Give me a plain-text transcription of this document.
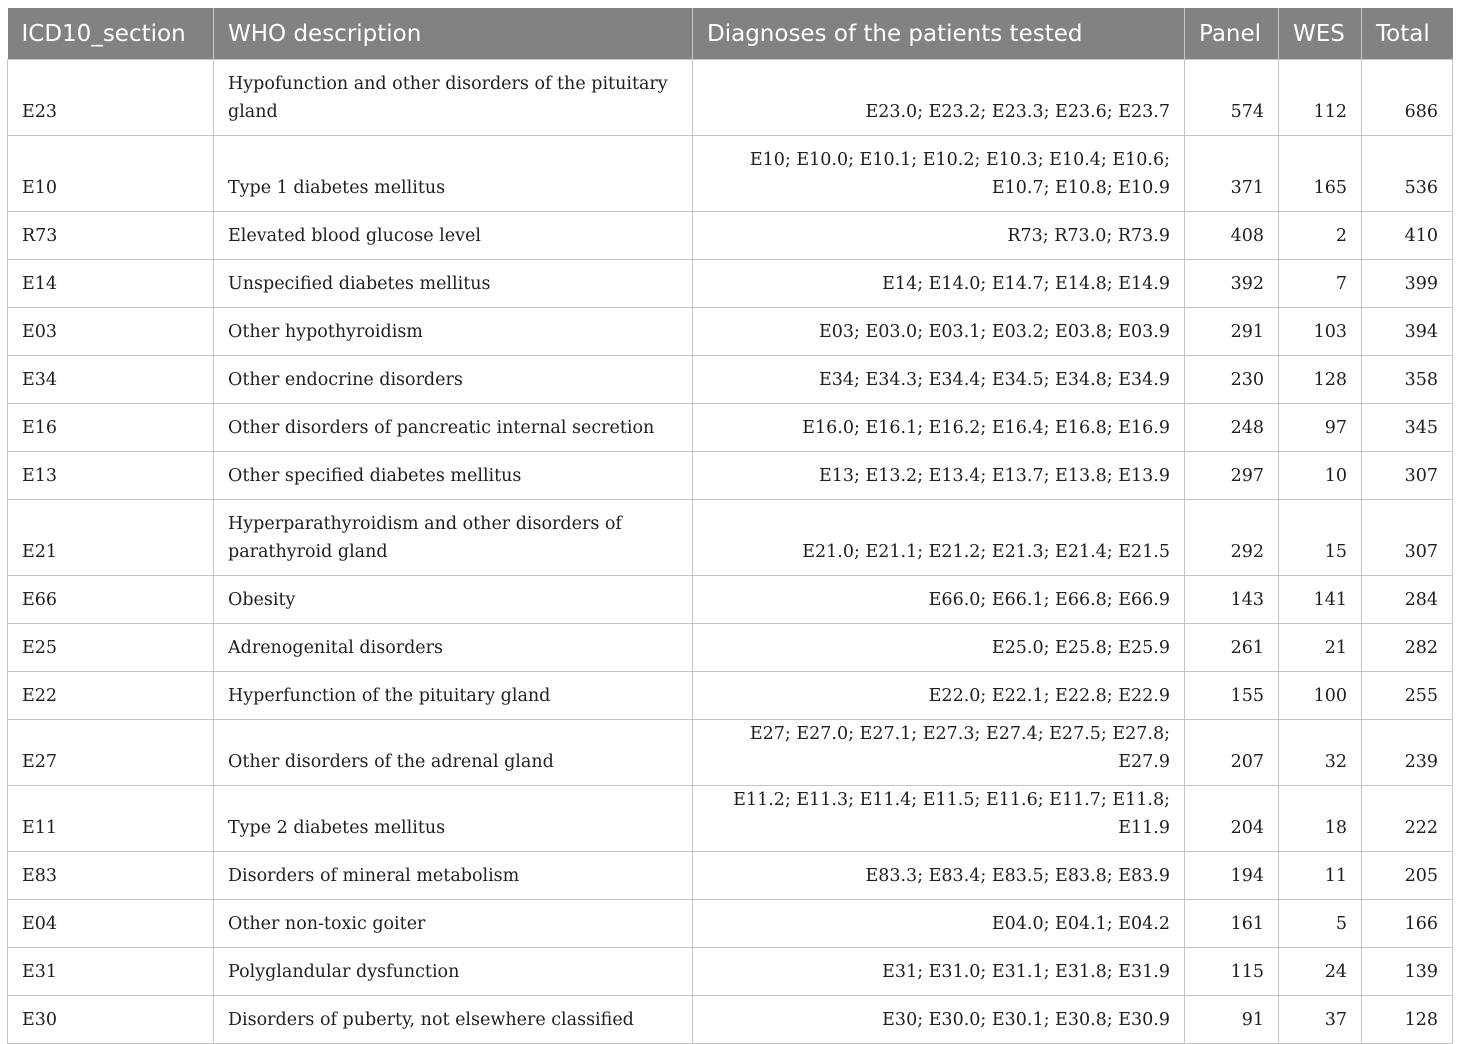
ICD10_section	WHO description	Diagnoses of the patients tested	Panel	WES	Total
E23	Hypofunction and other disorders of the pituitary gland	E23.0; E23.2; E23.3; E23.6; E23.7	574	112	686
E10	Type 1 diabetes mellitus	E10; E10.0; E10.1; E10.2; E10.3; E10.4; E10.6; E10.7; E10.8; E10.9	371	165	536
R73	Elevated blood glucose level	R73; R73.0; R73.9	408	2	410
E14	Unspecified diabetes mellitus	E14; E14.0; E14.7; E14.8; E14.9	392	7	399
E03	Other hypothyroidism	E03; E03.0; E03.1; E03.2; E03.8; E03.9	291	103	394
E34	Other endocrine disorders	E34; E34.3; E34.4; E34.5; E34.8; E34.9	230	128	358
E16	Other disorders of pancreatic internal secretion	E16.0; E16.1; E16.2; E16.4; E16.8; E16.9	248	97	345
E13	Other specified diabetes mellitus	E13; E13.2; E13.4; E13.7; E13.8; E13.9	297	10	307
E21	Hyperparathyroidism and other disorders of parathyroid gland	E21.0; E21.1; E21.2; E21.3; E21.4; E21.5	292	15	307
E66	Obesity	E66.0; E66.1; E66.8; E66.9	143	141	284
E25	Adrenogenital disorders	E25.0; E25.8; E25.9	261	21	282
E22	Hyperfunction of the pituitary gland	E22.0; E22.1; E22.8; E22.9	155	100	255
E27	Other disorders of the adrenal gland	E27; E27.0; E27.1; E27.3; E27.4; E27.5; E27.8; E27.9	207	32	239
E11	Type 2 diabetes mellitus	E11.2; E11.3; E11.4; E11.5; E11.6; E11.7; E11.8; E11.9	204	18	222
E83	Disorders of mineral metabolism	E83.3; E83.4; E83.5; E83.8; E83.9	194	11	205
E04	Other non-toxic goiter	E04.0; E04.1; E04.2	161	5	166
E31	Polyglandular dysfunction	E31; E31.0; E31.1; E31.8; E31.9	115	24	139
E30	Disorders of puberty, not elsewhere classified	E30; E30.0; E30.1; E30.8; E30.9	91	37	128
